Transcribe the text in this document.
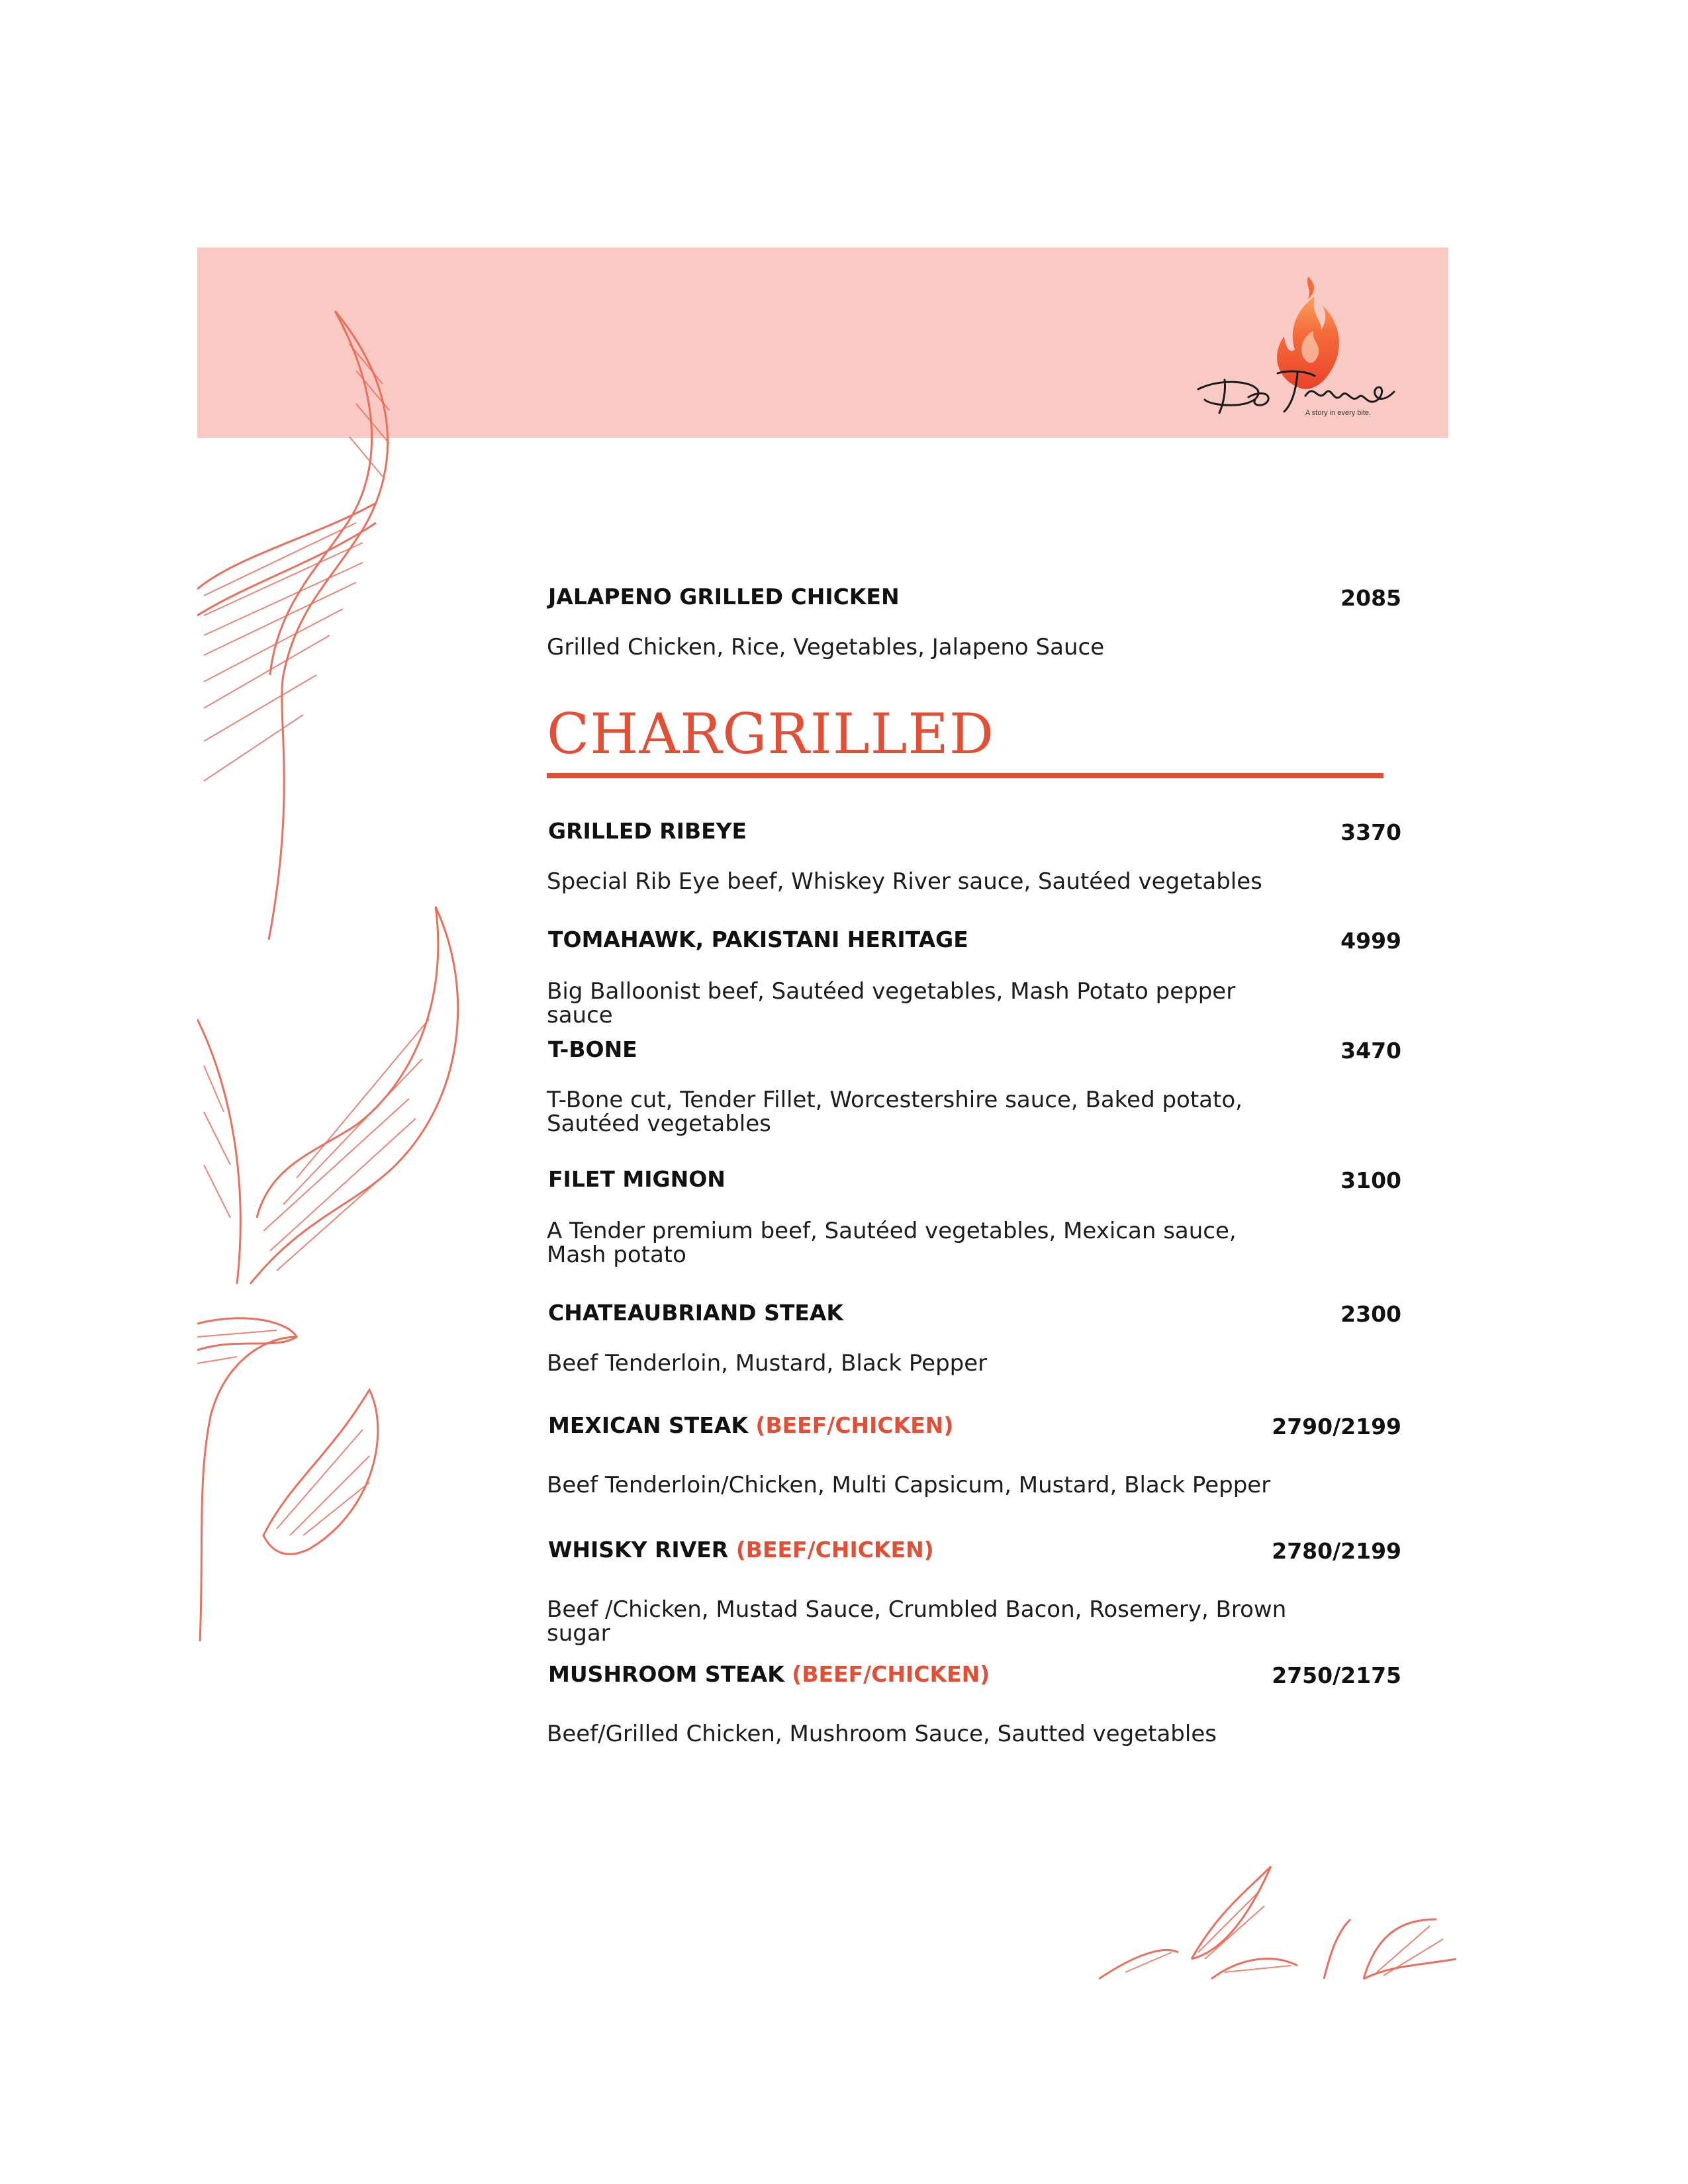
A story in every bite.
JALAPENO GRILLED CHICKEN	2085
Grilled Chicken, Rice, Vegetables, Jalapeno Sauce
CHARGRILLED
GRILLED RIBEYE	3370
Special Rib Eye beef, Whiskey River sauce, Sautéed vegetables
TOMAHAWK, PAKISTANI HERITAGE	4999
Big Balloonist beef, Sautéed vegetables, Mash Potato pepper sauce
T-BONE	3470
T-Bone cut, Tender Fillet, Worcestershire sauce, Baked potato,
Sautéed vegetables
FILET MIGNON	3100
A Tender premium beef, Sautéed vegetables, Mexican sauce,
Mash potato
CHATEAUBRIAND STEAK	2300
Beef Tenderloin, Mustard, Black Pepper
MEXICAN STEAK (BEEF/CHICKEN)	2790/2199
Beef Tenderloin/Chicken, Multi Capsicum, Mustard, Black Pepper
WHISKY RIVER (BEEF/CHICKEN)	2780/2199
Beef /Chicken, Mustad Sauce, Crumbled Bacon, Rosemery, Brown sugar
MUSHROOM STEAK (BEEF/CHICKEN)	2750/2175
Beef/Grilled Chicken, Mushroom Sauce, Sautted vegetables
